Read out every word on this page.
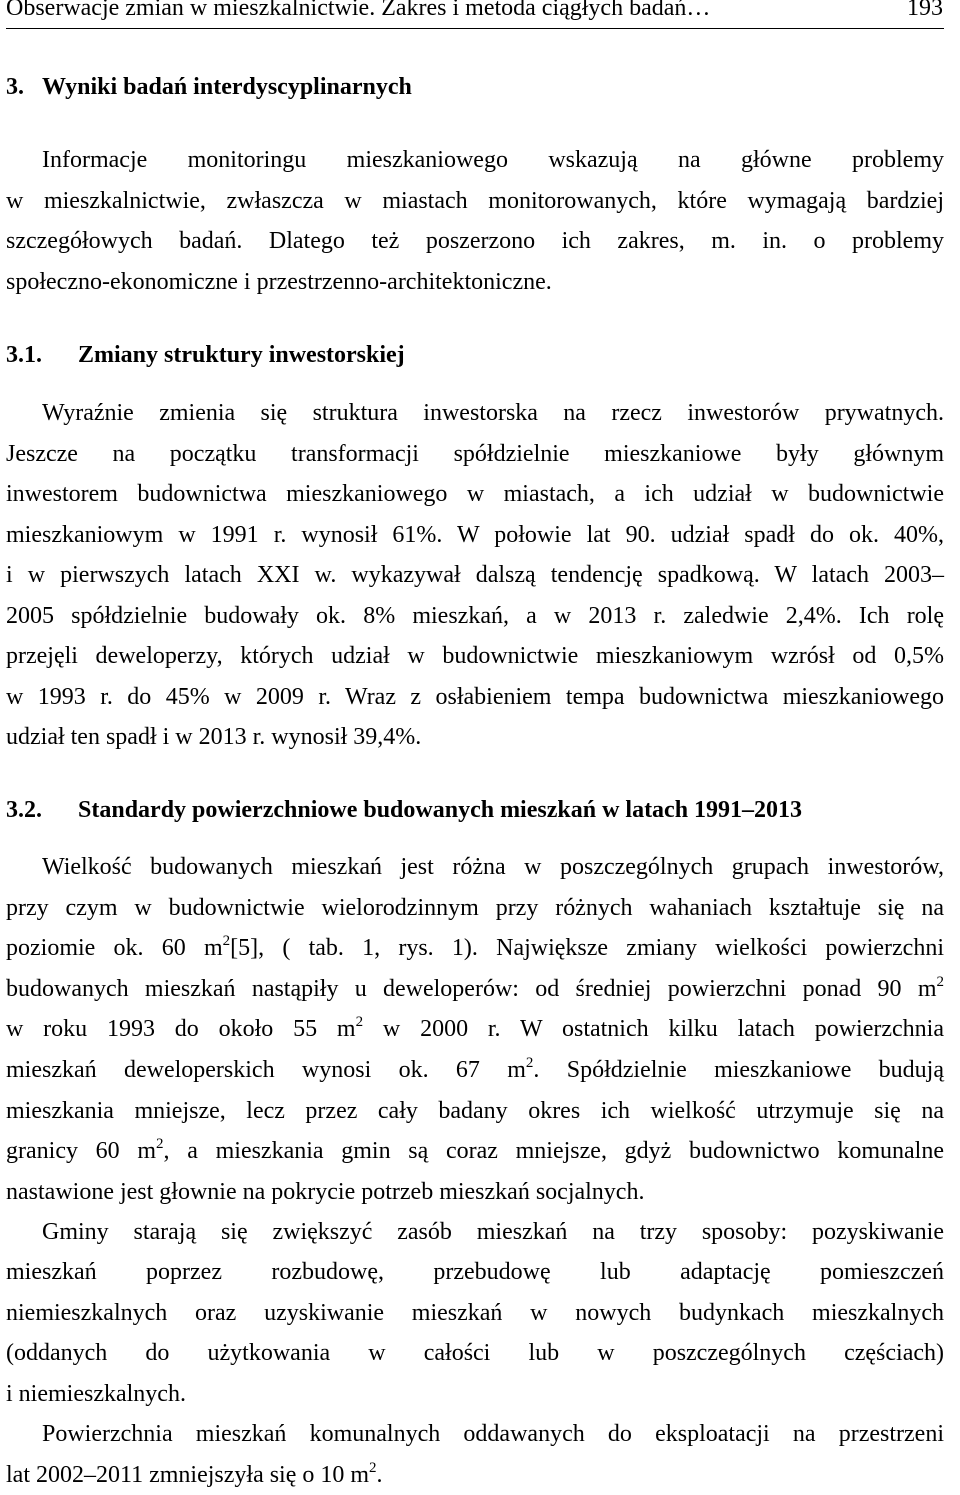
Obserwacje zmian w mieszkalnictwie. Zakres i metoda ciągłych badań…	193
3. Wyniki badań interdyscyplinarnych
Informacje monitoringu mieszkaniowego wskazują na główne problemy
w mieszkalnictwie, zwłaszcza w miastach monitorowanych, które wymagają bardziej
szczegółowych badań. Dlatego też poszerzono ich zakres, m. in. o problemy
społeczno-ekonomiczne i przestrzenno-architektoniczne.
3.1. Zmiany struktury inwestorskiej
Wyraźnie zmienia się struktura inwestorska na rzecz inwestorów prywatnych.
Jeszcze na początku transformacji spółdzielnie mieszkaniowe były głównym
inwestorem budownictwa mieszkaniowego w miastach, a ich udział w budownictwie
mieszkaniowym w 1991 r. wynosił 61%. W połowie lat 90. udział spadł do ok. 40%,
i w pierwszych latach XXI w. wykazywał dalszą tendencję spadkową. W latach 2003–
2005 spółdzielnie budowały ok. 8% mieszkań, a w 2013 r. zaledwie 2,4%. Ich rolę
przejęli deweloperzy, których udział w budownictwie mieszkaniowym wzrósł od 0,5%
w 1993 r. do 45% w 2009 r. Wraz z osłabieniem tempa budownictwa mieszkaniowego
udział ten spadł i w 2013 r. wynosił 39,4%.
3.2. Standardy powierzchniowe budowanych mieszkań w latach 1991–2013
Wielkość budowanych mieszkań jest różna w poszczególnych grupach inwestorów,
przy czym w budownictwie wielorodzinnym przy różnych wahaniach kształtuje się na
poziomie ok. 60 $m^2[5]$, ( tab. 1, rys. 1). Największe zmiany wielkości powierzchni
budowanych mieszkań nastąpiły u deweloperów: od średniej powierzchni ponad 90 $m^2$
w roku 1993 do około 55 $m^2$ w 2000 r. W ostatnich kilku latach powierzchnia
mieszkań deweloperskich wynosi ok. 67 $m^2$. Spółdzielnie mieszkaniowe budują
mieszkania mniejsze, lecz przez cały badany okres ich wielkość utrzymuje się na
granicy 60 $m^2$, a mieszkania gmin są coraz mniejsze, gdyż budownictwo komunalne
nastawione jest głownie na pokrycie potrzeb mieszkań socjalnych.
Gminy starają się zwiększyć zasób mieszkań na trzy sposoby: pozyskiwanie
mieszkań poprzez rozbudowę, przebudowę lub adaptację pomieszczeń
niemieszkalnych oraz uzyskiwanie mieszkań w nowych budynkach mieszkalnych
(oddanych do użytkowania w całości lub w poszczególnych częściach)
i niemieszkalnych.
Powierzchnia mieszkań komunalnych oddawanych do eksploatacji na przestrzeni
lat 2002–2011 zmniejszyła się o 10 $m^2$.
